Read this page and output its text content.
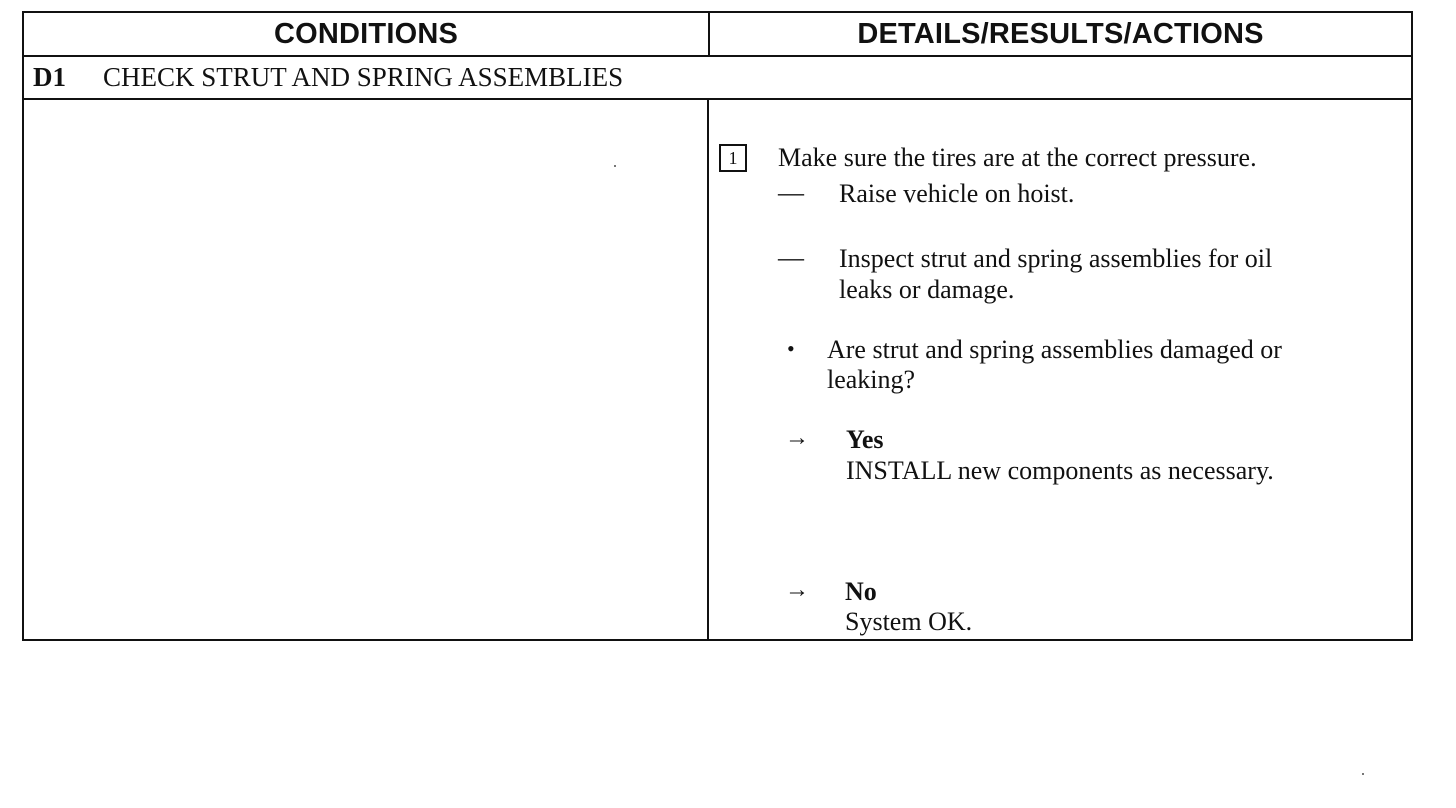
CONDITIONS	DETAILS/RESULTS/ACTIONS
D1 CHECK STRUT AND SPRING ASSEMBLIES
1	Make sure the tires are at the correct pressure.
— Raise vehicle on hoist.
— Inspect strut and spring assemblies for oil
leaks or damage.
• Are strut and spring assemblies damaged or
leaking?
→ Yes
INSTALL new components as necessary.
→ No
System OK.
